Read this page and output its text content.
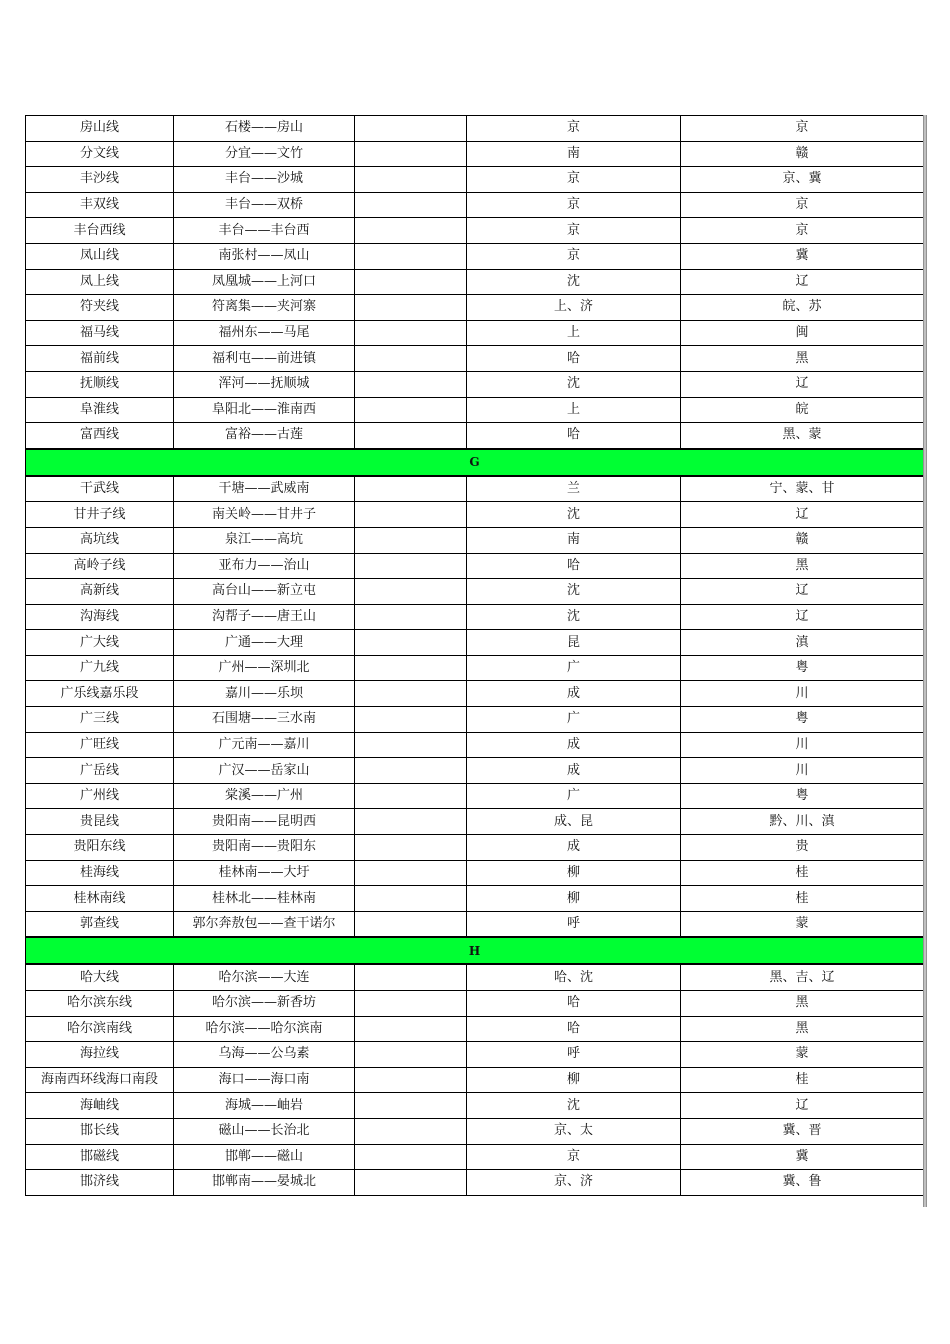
房山线	石楼——房山		京	京
分文线	分宜——文竹		南	赣
丰沙线	丰台——沙城		京	京、冀
丰双线	丰台——双桥		京	京
丰台西线	丰台——丰台西		京	京
凤山线	南张村——凤山		京	冀
凤上线	凤凰城——上河口		沈	辽
符夹线	符离集——夹河寨		上、济	皖、苏
福马线	福州东——马尾		上	闽
福前线	福利屯——前进镇		哈	黑
抚顺线	浑河——抚顺城		沈	辽
阜淮线	阜阳北——淮南西		上	皖
富西线	富裕——古莲		哈	黑、蒙
G				
干武线	干塘——武威南		兰	宁、蒙、甘
甘井子线	南关岭——甘井子		沈	辽
高坑线	泉江——高坑		南	赣
高岭子线	亚布力——治山		哈	黑
高新线	高台山——新立屯		沈	辽
沟海线	沟帮子——唐王山		沈	辽
广大线	广通——大理		昆	滇
广九线	广州——深圳北		广	粤
广乐线嘉乐段	嘉川——乐坝		成	川
广三线	石围塘——三水南		广	粤
广旺线	广元南——嘉川		成	川
广岳线	广汉——岳家山		成	川
广州线	棠溪——广州		广	粤
贵昆线	贵阳南——昆明西		成、昆	黔、川、滇
贵阳东线	贵阳南——贵阳东		成	贵
桂海线	桂林南——大圩		柳	桂
桂林南线	桂林北——桂林南		柳	桂
郭查线	郭尔奔敖包——查干诺尔		呼	蒙
H				
哈大线	哈尔滨——大连		哈、沈	黑、吉、辽
哈尔滨东线	哈尔滨——新香坊		哈	黑
哈尔滨南线	哈尔滨——哈尔滨南		哈	黑
海拉线	乌海——公乌素		呼	蒙
海南西环线海口南段	海口——海口南		柳	桂
海岫线	海城——岫岩		沈	辽
邯长线	磁山——长治北		京、太	冀、晋
邯磁线	邯郸——磁山		京	冀
邯济线	邯郸南——晏城北		京、济	冀、鲁
